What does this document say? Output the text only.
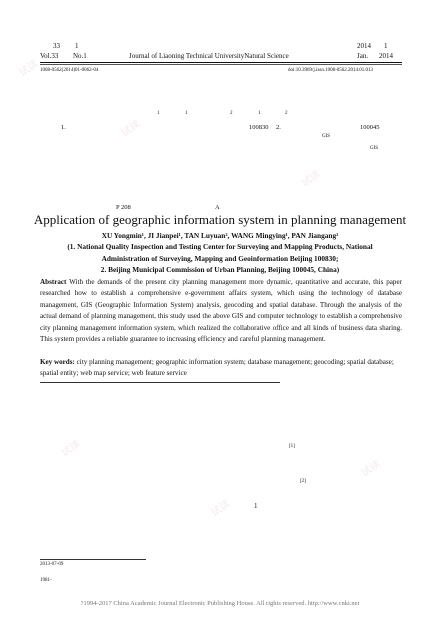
试读
试读
试读
试读
试读
试读
33 1	2014 1
Vol.33 No.1	Journal of Liaoning Technical UniversityNatural Science	Jan. 2014
1008-0562(2014)01-0062-04	doi:10.3969/j.issn.1008-0562.2014.01.013
1	1	2	1	2
1.	100830 2.	100045
GIS
GIS
P 208	A
Application of geographic information system in planning management
XU Yongmin¹, JI Jianpei¹, TAN Luyuan², WANG Mingying¹, PAN Jiangang²
(1. National Quality Inspection and Testing Center for Surveying and Mapping Products, National
Administration of Surveying, Mapping and Geoinformation Beijing 100830;
2. Beijing Municipal Commission of Urban Planning, Beijing 100045, China)
Abstract With the demands of the present city planning management more dynamic, quantitative and accurate, this paper researched how to establish a comprehensive e-government affairs system, which using the technology of database management, GIS (Geographic Information System) analysis, geocoding and spatial database. Through the analysis of the actual demand of planning management, this study used the above GIS and computer technology to establish a comprehensive city planning management information system, which realized the collaborative office and all kinds of business data sharing. This system provides a reliable guarantee to increasing efficiency and careful planning management.
Key words: city planning management; geographic information system; database management; geocoding; spatial database; spatial entity; web map service; web feature service
[1]
[2]
1
2013-07-09
1981-
?1994-2017 China Academic Journal Electronic Publishing House. All rights reserved. http://www.cnki.net
